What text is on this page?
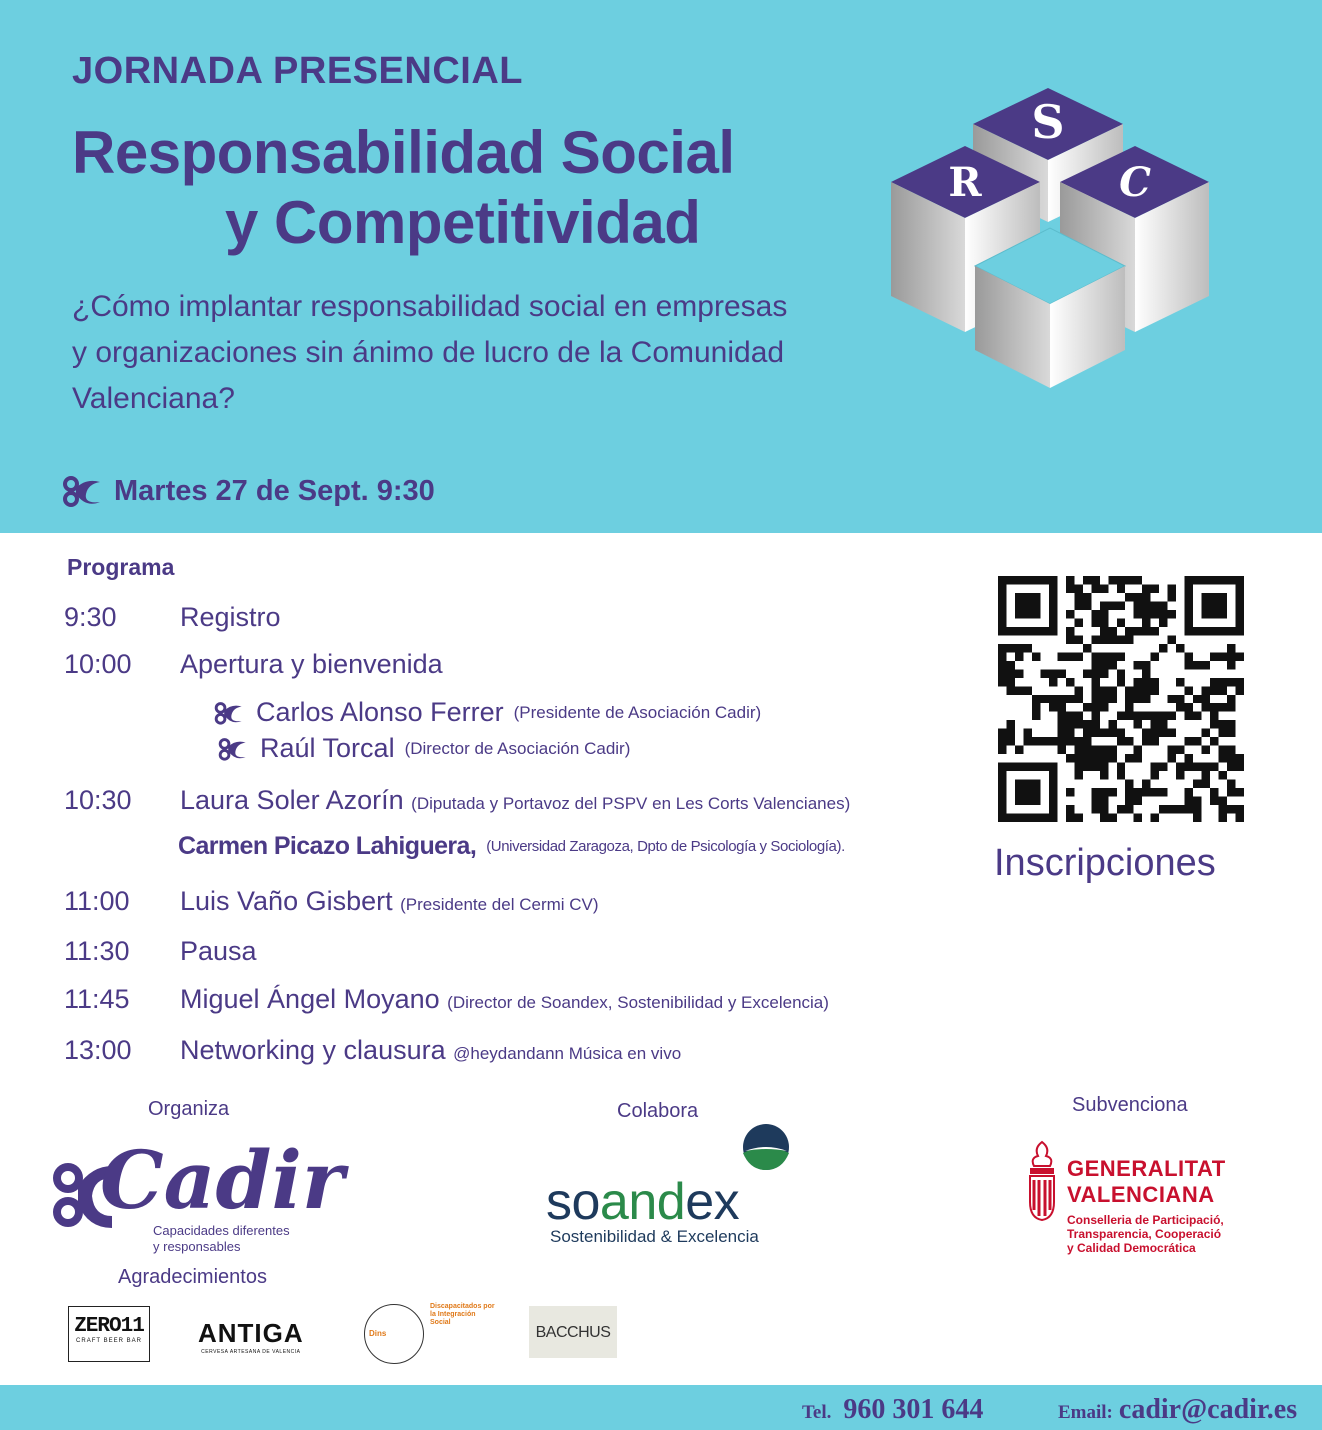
JORNADA PRESENCIAL
Responsabilidad Social
y Competitividad
¿Cómo implantar responsabilidad social en empresas y organizaciones sin ánimo de lucro de la Comunidad Valenciana?
Martes 27 de Sept. 9:30
S
R	C
Programa
9:30 Registro
10:00 Apertura y bienvenida
Carlos Alonso Ferrer (Presidente de Asociación Cadir)
Raúl Torcal (Director de Asociación Cadir)
10:30 Laura Soler Azorín (Diputada y Portavoz del PSPV en Les Corts Valencianes)
Carmen Picazo Lahiguera, (Universidad Zaragoza, Dpto de Psicología y Sociología).
11:00 Luis Vaño Gisbert (Presidente del Cermi CV)
11:30 Pausa
11:45 Miguel Ángel Moyano (Director de Soandex, Sostenibilidad y Excelencia)
13:00 Networking y clausura @heydandann Música en vivo
Inscripciones
Organiza	Colabora	Subvenciona
Cadir
Capacidades diferentes
y responsables
Agradecimientos
soandex
Sostenibilidad & Excelencia
GENERALITAT
VALENCIANA
Conselleria de Participació,
Transparencia, Cooperació
y Calidad Democrática
ZERO11
CRAFT BEER BAR ANTIGA
CERVESA ARTESANA DE VALENCIA
Dins
Discapacitados por la Integración Social
BACCHUS
Tel. 960 301 644	Email: cadir@cadir.es
